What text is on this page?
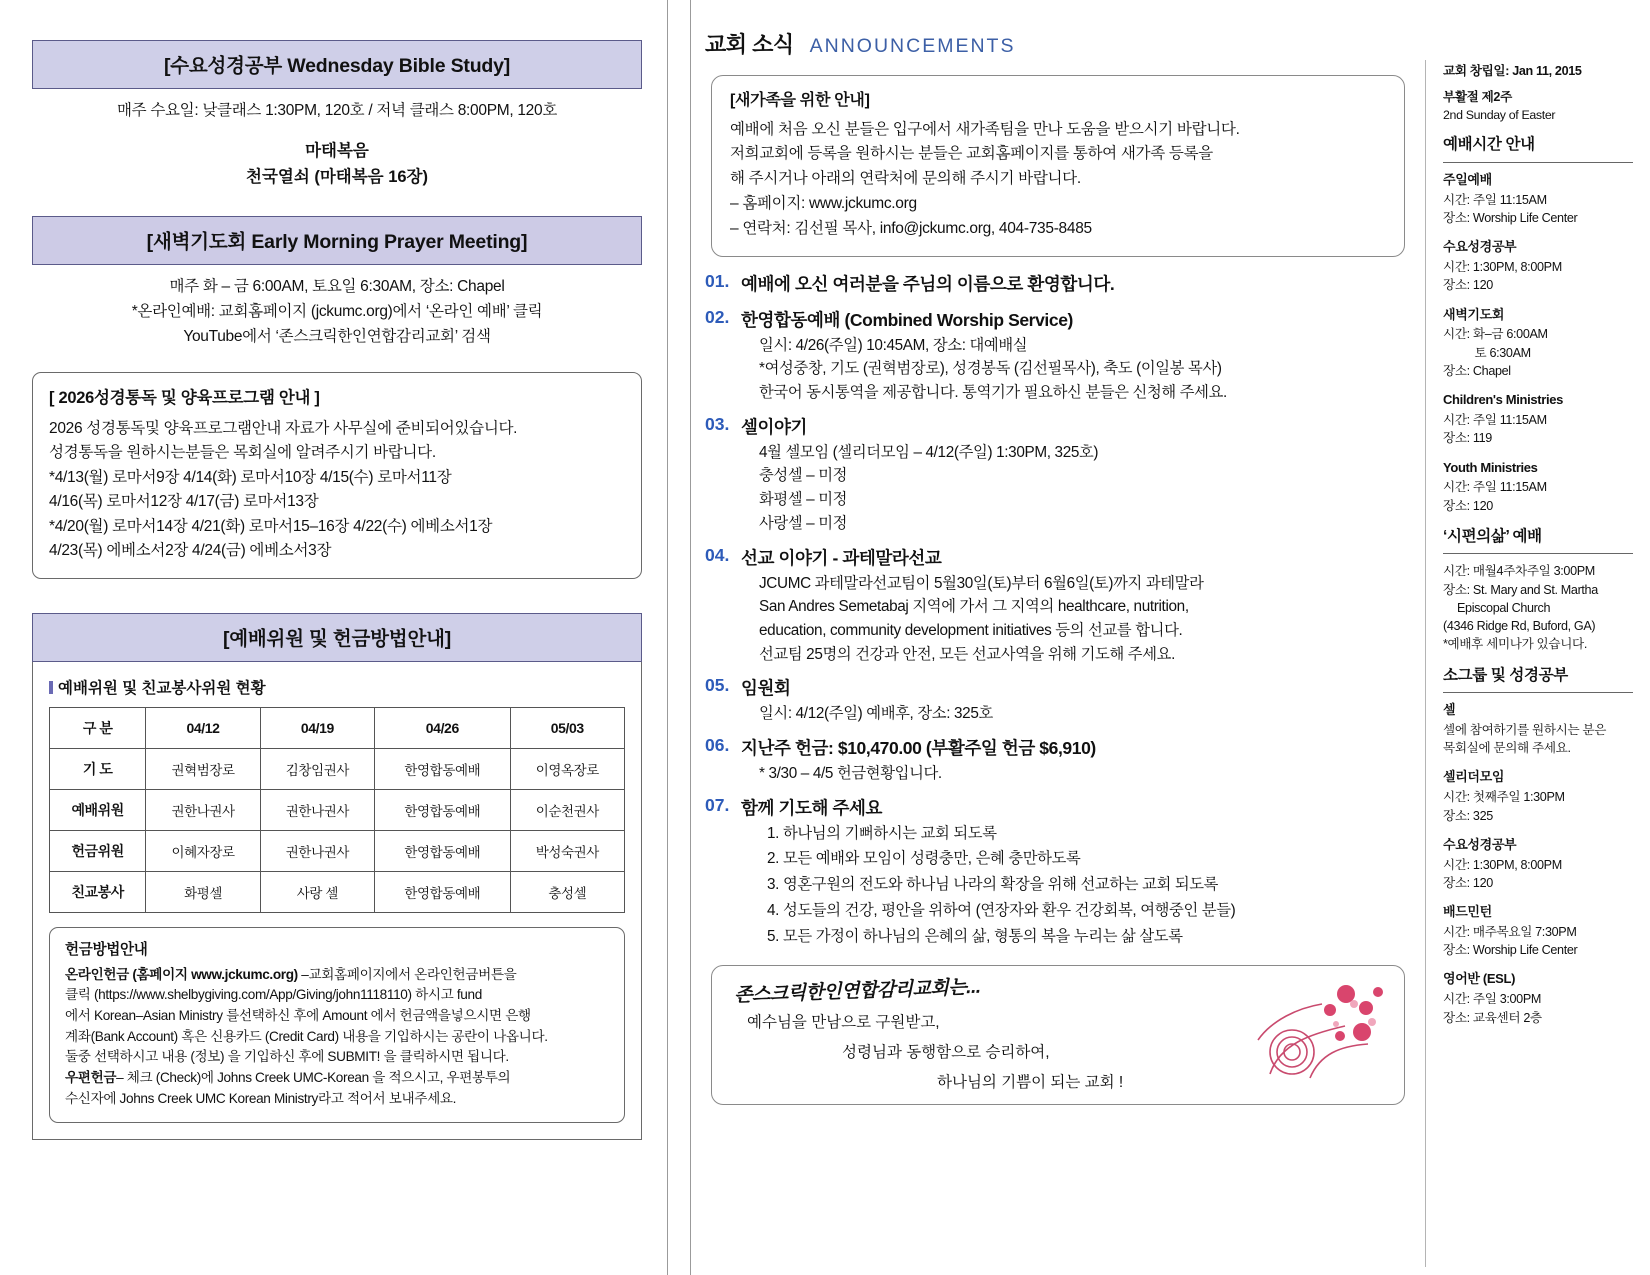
[수요성경공부 Wednesday Bible Study]
매주 수요일: 낮클래스 1:30PM, 120호 / 저녁 클래스 8:00PM, 120호
마태복음
천국열쇠 (마태복음 16장)
[새벽기도회 Early Morning Prayer Meeting]
매주 화 – 금 6:00AM, 토요일 6:30AM, 장소: Chapel
*온라인예배: 교회홈페이지 (jckumc.org)에서 ‘온라인 예배’ 클릭
YouTube에서 ‘존스크릭한인연합감리교회’ 검색
[ 2026성경통독 및 양육프로그램 안내 ]
2026 성경통독및 양육프로그램안내 자료가 사무실에 준비되어있습니다.
성경통독을 원하시는분들은 목회실에 알려주시기 바랍니다.
*4/13(월) 로마서9장 4/14(화) 로마서10장 4/15(수) 로마서11장
4/16(목) 로마서12장 4/17(금) 로마서13장
*4/20(월) 로마서14장 4/21(화) 로마서15–16장 4/22(수) 에베소서1장
4/23(목) 에베소서2장 4/24(금) 에베소서3장
[예배위원 및 헌금방법안내]
예배위원 및 친교봉사위원 현황
구 분	04/12	04/19	04/26	05/03
기 도	권혁범장로	김창임권사	한영합동예배	이영옥장로
예배위원	권한나권사	권한나권사	한영합동예배	이순천권사
헌금위원	이혜자장로	권한나권사	한영합동예배	박성숙권사
친교봉사	화평셀	사랑 셀	한영합동예배	충성셀
헌금방법안내
온라인헌금 (홈페이지 www.jckumc.org) –교회홈페이지에서 온라인헌금버튼을
클릭 (https://www.shelbygiving.com/App/Giving/john1118110) 하시고 fund
에서 Korean–Asian Ministry 를선택하신 후에 Amount 에서 헌금액을넣으시면 은행
계좌(Bank Account) 혹은 신용카드 (Credit Card) 내용을 기입하시는 공란이 나옵니다.
둘중 선택하시고 내용 (정보) 을 기입하신 후에 SUBMIT! 을 클릭하시면 됩니다.
우편헌금– 체크 (Check)에 Johns Creek UMC-Korean 을 적으시고, 우편봉투의
수신자에 Johns Creek UMC Korean Ministry라고 적어서 보내주세요.
교회 소식 ANNOUNCEMENTS
[새가족을 위한 안내]
예배에 처음 오신 분들은 입구에서 새가족팀을 만나 도움을 받으시기 바랍니다.
저희교회에 등록을 원하시는 분들은 교회홈페이지를 통하여 새가족 등록을
해 주시거나 아래의 연락처에 문의해 주시기 바랍니다.
– 홈페이지: www.jckumc.org
– 연락처: 김선필 목사, info@jckumc.org, 404-735-8485
01. 예배에 오신 여러분을 주님의 이름으로 환영합니다.
02. 한영합동예배 (Combined Worship Service)

일시: 4/26(주일) 10:45AM, 장소: 대예배실

*여성중창, 기도 (권혁범장로), 성경봉독 (김선필목사), 축도 (이일봉 목사)

한국어 동시통역을 제공합니다. 통역기가 필요하신 분들은 신청해 주세요.

03. 셀이야기

4월 셀모임 (셀리더모임 – 4/12(주일) 1:30PM, 325호)

충성셀 – 미정

화평셀 – 미정

사랑셀 – 미정

04. 선교 이야기 - 과테말라선교

JCUMC 과테말라선교팀이 5월30일(토)부터 6월6일(토)까지 과테말라

San Andres Semetabaj 지역에 가서 그 지역의 healthcare, nutrition,

education, community development initiatives 등의 선교를 합니다.

선교팀 25명의 건강과 안전, 모든 선교사역을 위해 기도해 주세요.

05. 임원회

일시: 4/12(주일) 예배후, 장소: 325호

06. 지난주 헌금: $10,470.00 (부활주일 헌금 $6,910)

* 3/30 – 4/5 헌금현황입니다.

07. 함께 기도해 주세요
1. 하나님의 기뻐하시는 교회 되도록
2. 모든 예배와 모임이 성령충만, 은혜 충만하도록
3. 영혼구원의 전도와 하나님 나라의 확장을 위해 선교하는 교회 되도록
4. 성도들의 건강, 평안을 위하여 (연장자와 환우 건강회복, 여행중인 분들)
5. 모든 가정이 하나님의 은혜의 삶, 형통의 복을 누리는 삶 살도록
존스크릭한인연합감리교회는...
예수님을 만남으로 구원받고,
성령님과 동행함으로 승리하여,
하나님의 기쁨이 되는 교회 !
교회 창립일: Jan 11, 2015
부활절 제2주
2nd Sunday of Easter
예배시간 안내
주일예배
시간: 주일 11:15AM
장소: Worship Life Center
수요성경공부
시간: 1:30PM, 8:00PM
장소: 120
새벽기도회
시간: 화–금 6:00AM
토 6:30AM
장소: Chapel
Children's Ministries
시간: 주일 11:15AM
장소: 119
Youth Ministries
시간: 주일 11:15AM
장소: 120
‘시편의삶’ 예배
시간: 매월4주차주일 3:00PM
장소: St. Mary and St. Martha
Episcopal Church
(4346 Ridge Rd, Buford, GA)
*예배후 세미나가 있습니다.
소그룹 및 성경공부
셀
셀에 참여하기를 원하시는 분은
목회실에 문의해 주세요.
셀리더모임
시간: 첫째주일 1:30PM
장소: 325
수요성경공부
시간: 1:30PM, 8:00PM
장소: 120
배드민턴
시간: 매주목요일 7:30PM
장소: Worship Life Center
영어반 (ESL)
시간: 주일 3:00PM
장소: 교육센터 2층
